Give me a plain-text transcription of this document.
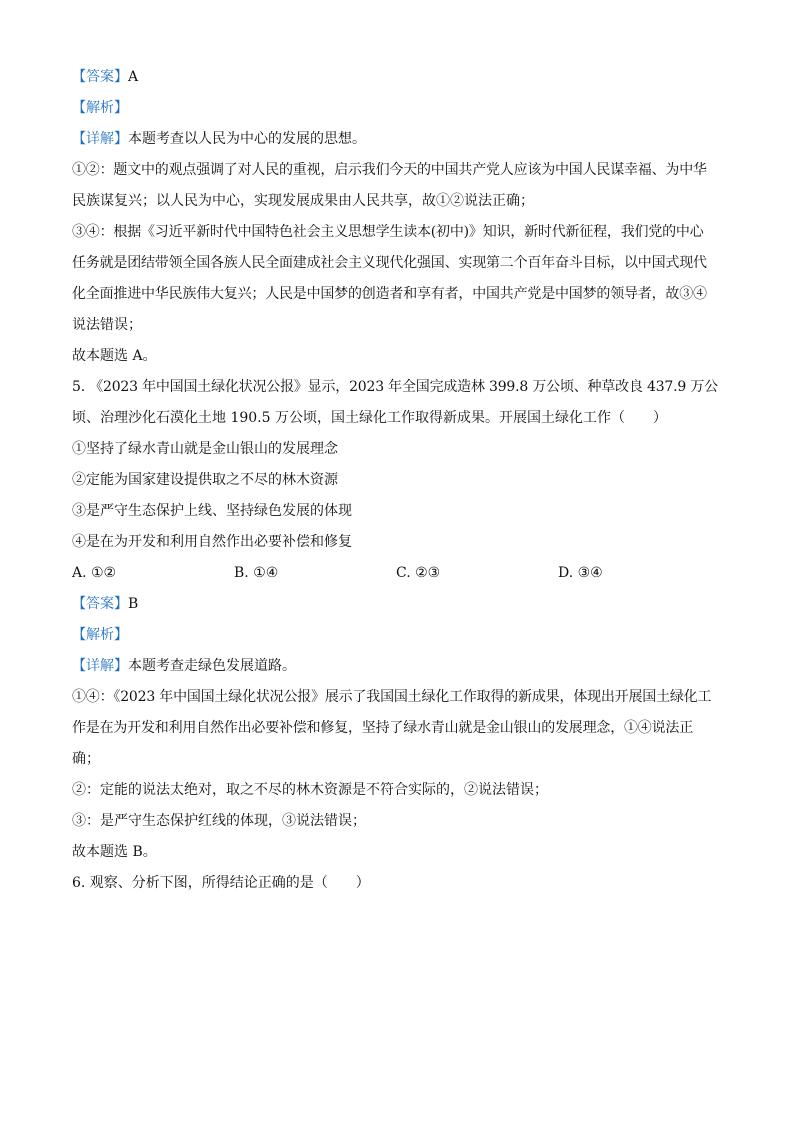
【答案】A
【解析】
【详解】本题考查以人民为中心的发展的思想。
①②：题文中的观点强调了对人民的重视，启示我们今天的中国共产党人应该为中国人民谋幸福、为中华
民族谋复兴；以人民为中心，实现发展成果由人民共享，故①②说法正确；
③④：根据《习近平新时代中国特色社会主义思想学生读本(初中)》知识，新时代新征程，我们党的中心
任务就是团结带领全国各族人民全面建成社会主义现代化强国、实现第二个百年奋斗目标，以中国式现代
化全面推进中华民族伟大复兴；人民是中国梦的创造者和享有者，中国共产党是中国梦的领导者，故③④
说法错误；
故本题选 A。
5. 《2023 年中国国土绿化状况公报》显示，2023 年全国完成造林 399.8 万公顷、种草改良 437.9 万公
顷、治理沙化石漠化土地 190.5 万公顷，国土绿化工作取得新成果。开展国土绿化工作（　　）
①坚持了绿水青山就是金山银山的发展理念
②定能为国家建设提供取之不尽的林木资源
③是严守生态保护上线、坚持绿色发展的体现
④是在为开发和利用自然作出必要补偿和修复
A. ①②	B. ①④	C. ②③	D. ③④
【答案】B
【解析】
【详解】本题考查走绿色发展道路。
①④：《2023 年中国国土绿化状况公报》展示了我国国土绿化工作取得的新成果，体现出开展国土绿化工
作是在为开发和利用自然作出必要补偿和修复，坚持了绿水青山就是金山银山的发展理念，①④说法正
确；
②：定能的说法太绝对，取之不尽的林木资源是不符合实际的，②说法错误；
③：是严守生态保护红线的体现，③说法错误；
故本题选 B。
6. 观察、分析下图，所得结论正确的是（　　）
